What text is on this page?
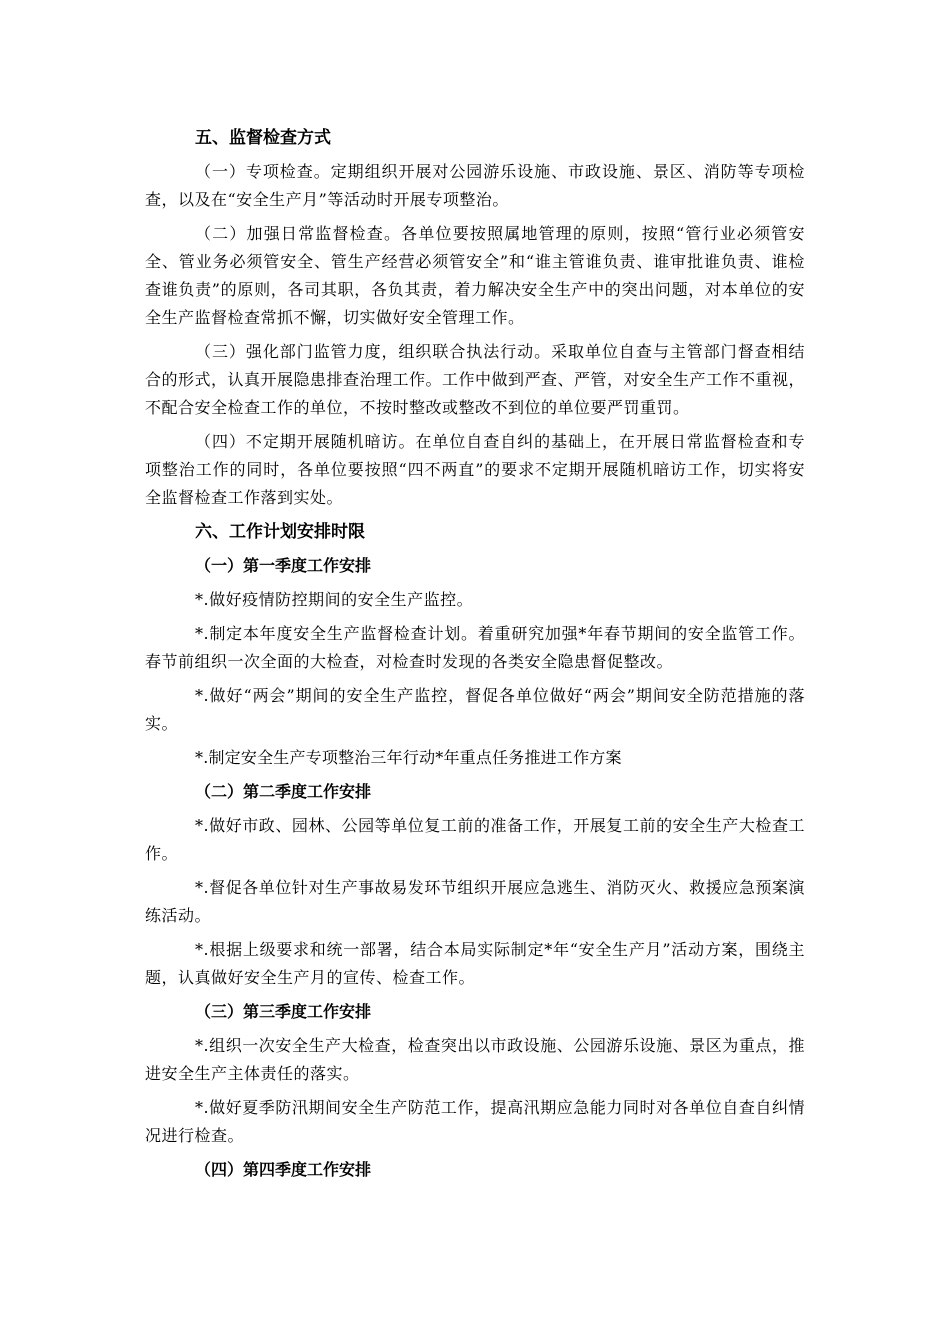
五、监督检查方式
（一）专项检查。定期组织开展对公园游乐设施、市政设施、景区、消防等专项检查，以及在“安全生产月”等活动时开展专项整治。
（二）加强日常监督检查。各单位要按照属地管理的原则，按照“管行业必须管安全、管业务必须管安全、管生产经营必须管安全”和“谁主管谁负责、谁审批谁负责、谁检查谁负责”的原则，各司其职，各负其责，着力解决安全生产中的突出问题，对本单位的安全生产监督检查常抓不懈，切实做好安全管理工作。
（三）强化部门监管力度，组织联合执法行动。采取单位自查与主管部门督查相结合的形式，认真开展隐患排查治理工作。工作中做到严查、严管，对安全生产工作不重视，不配合安全检查工作的单位，不按时整改或整改不到位的单位要严罚重罚。
（四）不定期开展随机暗访。在单位自查自纠的基础上，在开展日常监督检查和专项整治工作的同时，各单位要按照“四不两直”的要求不定期开展随机暗访工作，切实将安全监督检查工作落到实处。
六、工作计划安排时限
（一）第一季度工作安排
*.做好疫情防控期间的安全生产监控。
*.制定本年度安全生产监督检查计划。着重研究加强*年春节期间的安全监管工作。春节前组织一次全面的大检查，对检查时发现的各类安全隐患督促整改。
*.做好“两会”期间的安全生产监控，督促各单位做好“两会”期间安全防范措施的落实。
*.制定安全生产专项整治三年行动*年重点任务推进工作方案
（二）第二季度工作安排
*.做好市政、园林、公园等单位复工前的准备工作，开展复工前的安全生产大检查工作。
*.督促各单位针对生产事故易发环节组织开展应急逃生、消防灭火、救援应急预案演练活动。
*.根据上级要求和统一部署，结合本局实际制定*年“安全生产月”活动方案，围绕主题，认真做好安全生产月的宣传、检查工作。
（三）第三季度工作安排
*.组织一次安全生产大检查，检查突出以市政设施、公园游乐设施、景区为重点，推进安全生产主体责任的落实。
*.做好夏季防汛期间安全生产防范工作，提高汛期应急能力同时对各单位自查自纠情况进行检查。
（四）第四季度工作安排
